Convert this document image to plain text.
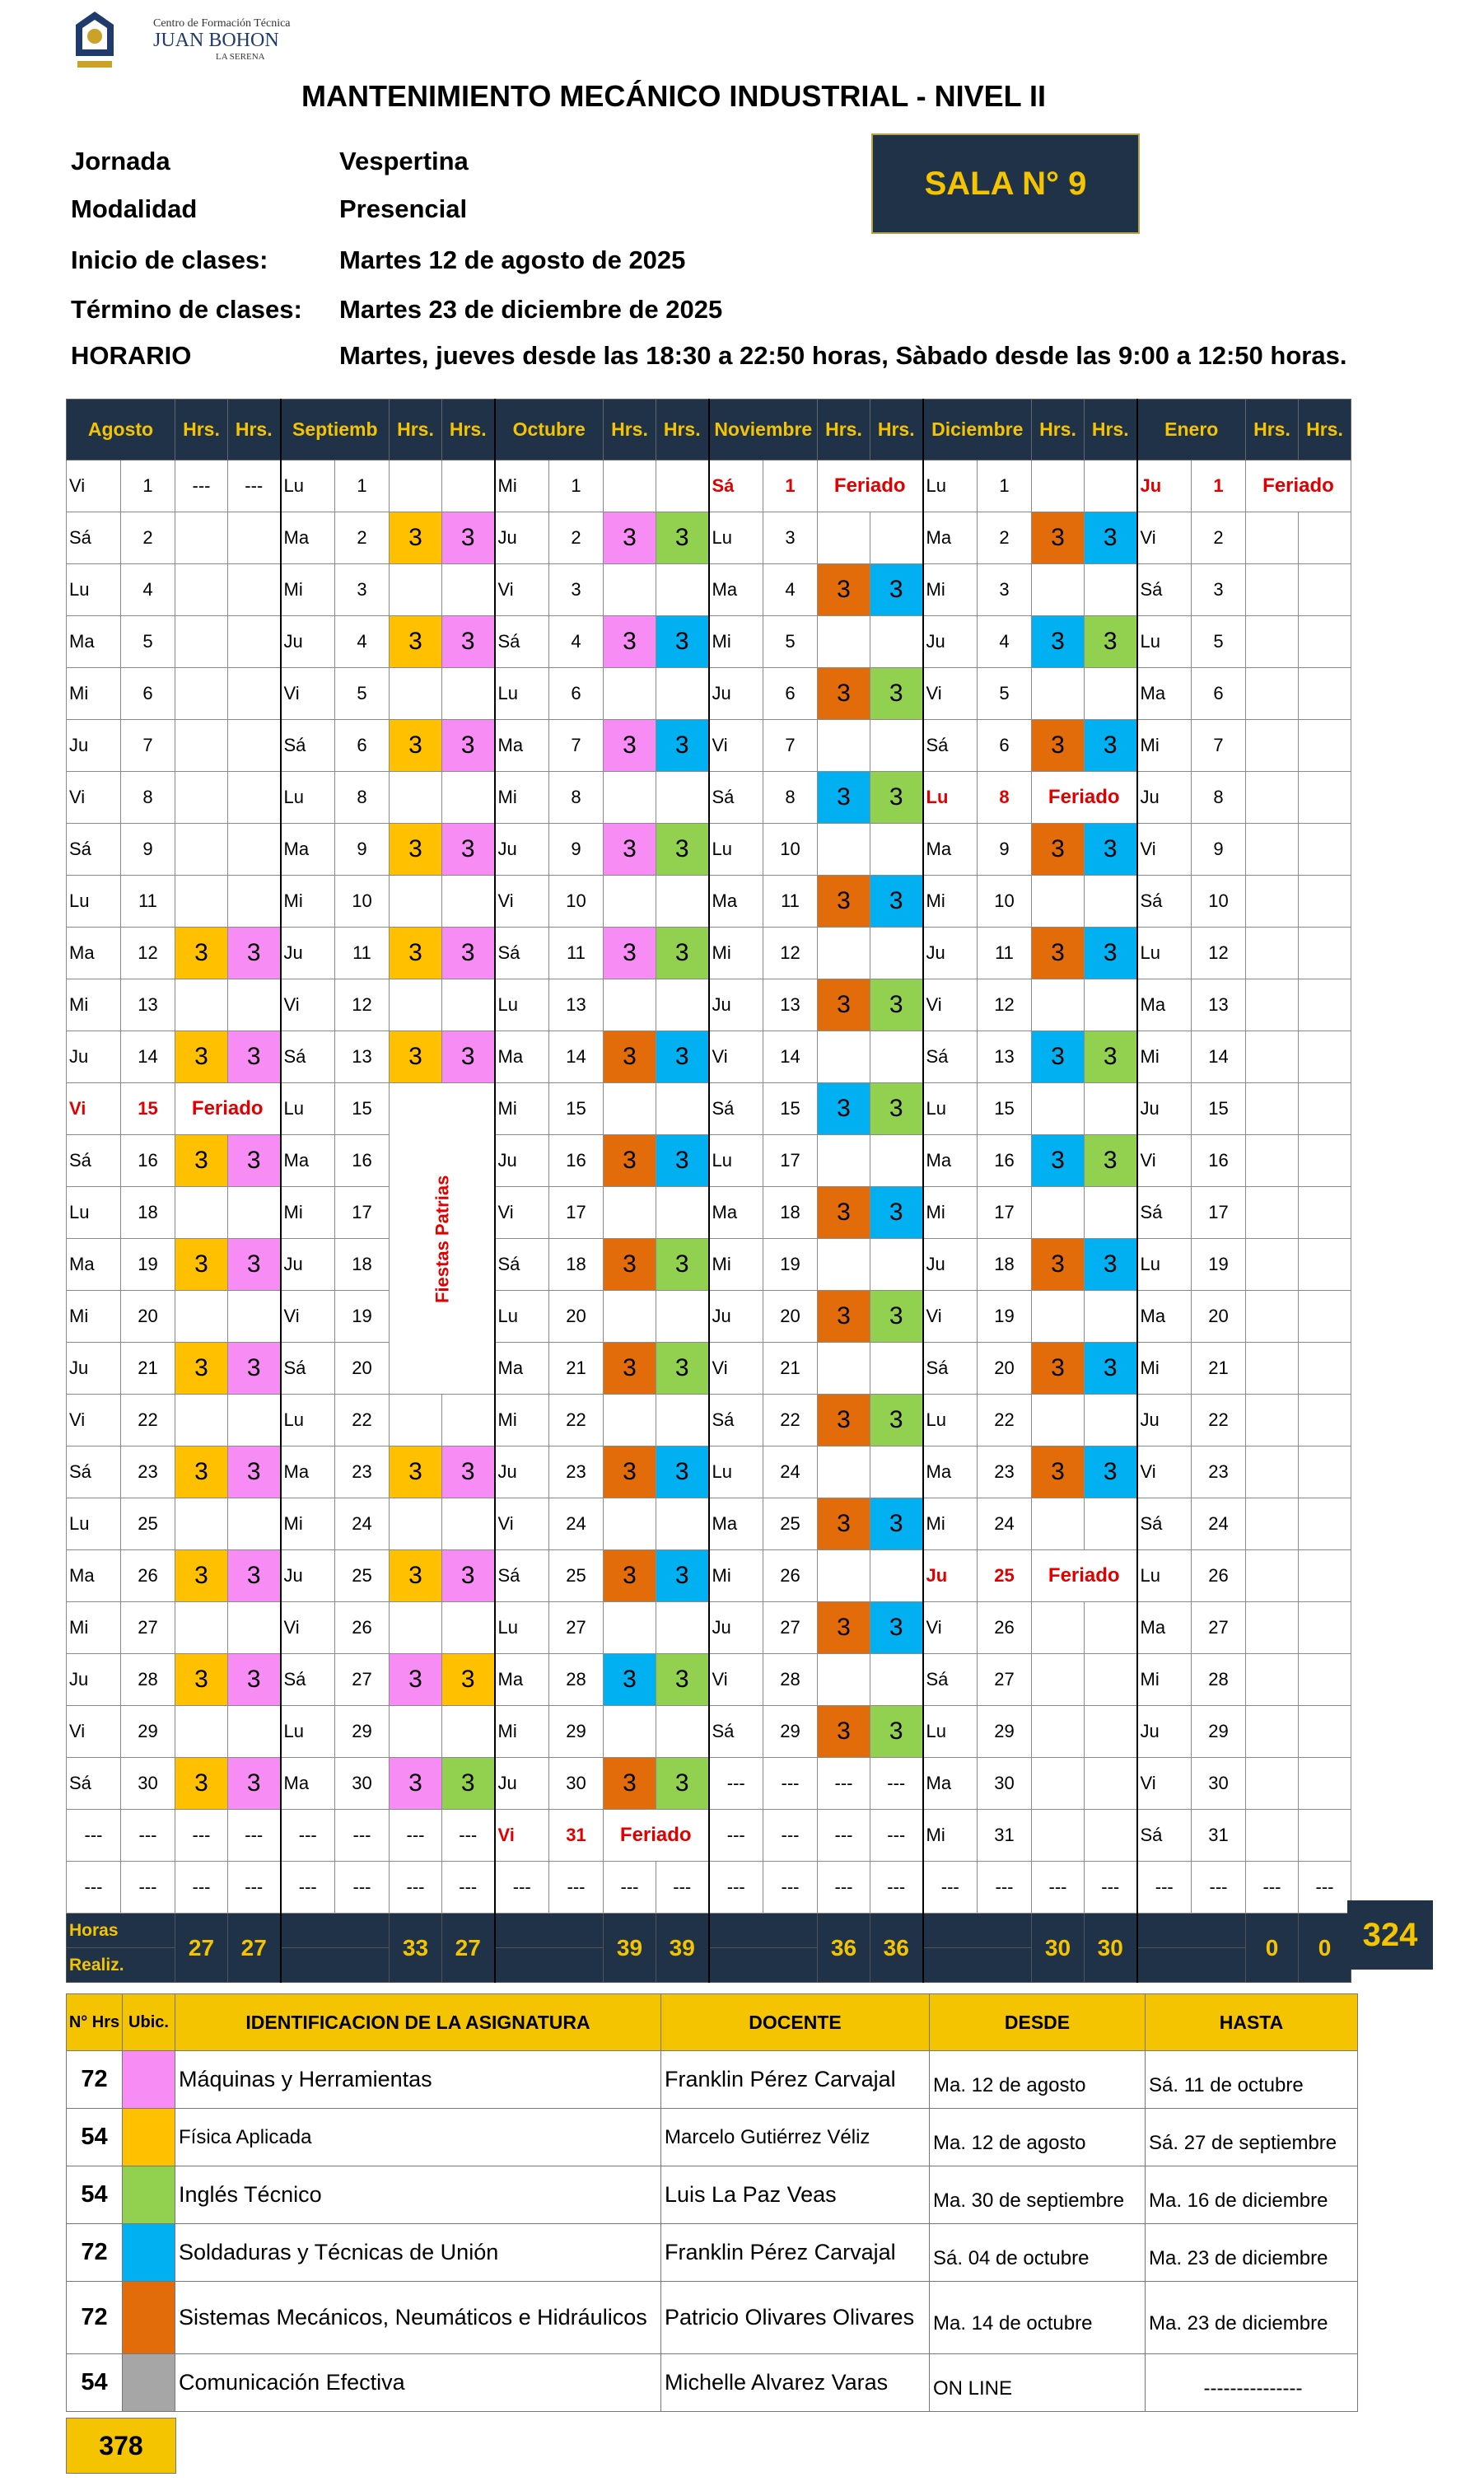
Centro de Formación Técnica
JUAN BOHON
LA SERENA
MANTENIMIENTO MECÁNICO INDUSTRIAL - NIVEL II
Jornada	Vespertina
Modalidad	Presencial
Inicio de clases:	Martes 12 de agosto de 2025
Término de clases: Martes 23 de diciembre de 2025
HORARIO	Martes, jueves desde las 18:30 a 22:50 horas, Sàbado desde las 9:00 a 12:50 horas.
SALA N° 9
Agosto		Hrs.	Hrs.	Septiemb		Hrs.	Hrs.	Octubre		Hrs.	Hrs.	Noviembre		Hrs.	Hrs.	Diciembre		Hrs.	Hrs.	Enero		Hrs.	Hrs.
Vi	1	---	---	Lu	1			Mi	1			Sá	1	Feriado		Lu	1			Ju	1	Feriado	
Sá	2			Ma	2	3	3	Ju	2	3	3	Lu	3			Ma	2	3	3	Vi	2		
Lu	4			Mi	3			Vi	3			Ma	4	3	3	Mi	3			Sá	3		
Ma	5			Ju	4	3	3	Sá	4	3	3	Mi	5			Ju	4	3	3	Lu	5		
Mi	6			Vi	5			Lu	6			Ju	6	3	3	Vi	5			Ma	6		
Ju	7			Sá	6	3	3	Ma	7	3	3	Vi	7			Sá	6	3	3	Mi	7		
Vi	8			Lu	8			Mi	8			Sá	8	3	3	Lu	8	Feriado		Ju	8		
Sá	9			Ma	9	3	3	Ju	9	3	3	Lu	10			Ma	9	3	3	Vi	9		
Lu	11			Mi	10			Vi	10			Ma	11	3	3	Mi	10			Sá	10		
Ma	12	3	3	Ju	11	3	3	Sá	11	3	3	Mi	12			Ju	11	3	3	Lu	12		
Mi	13			Vi	12			Lu	13			Ju	13	3	3	Vi	12			Ma	13		
Ju	14	3	3	Sá	13	3	3	Ma	14	3	3	Vi	14			Sá	13	3	3	Mi	14		
Vi	15	Feriado		Lu	15	Fiestas Patrias		Mi	15			Sá	15	3	3	Lu	15			Ju	15		
Sá	16	3	3	Ma	16			Ju	16	3	3	Lu	17			Ma	16	3	3	Vi	16		
Lu	18			Mi	17			Vi	17			Ma	18	3	3	Mi	17			Sá	17		
Ma	19	3	3	Ju	18			Sá	18	3	3	Mi	19			Ju	18	3	3	Lu	19		
Mi	20			Vi	19			Lu	20			Ju	20	3	3	Vi	19			Ma	20		
Ju	21	3	3	Sá	20			Ma	21	3	3	Vi	21			Sá	20	3	3	Mi	21		
Vi	22			Lu	22			Mi	22			Sá	22	3	3	Lu	22			Ju	22		
Sá	23	3	3	Ma	23	3	3	Ju	23	3	3	Lu	24			Ma	23	3	3	Vi	23		
Lu	25			Mi	24			Vi	24			Ma	25	3	3	Mi	24			Sá	24		
Ma	26	3	3	Ju	25	3	3	Sá	25	3	3	Mi	26			Ju	25	Feriado		Lu	26		
Mi	27			Vi	26			Lu	27			Ju	27	3	3	Vi	26			Ma	27		
Ju	28	3	3	Sá	27	3	3	Ma	28	3	3	Vi	28			Sá	27			Mi	28		
Vi	29			Lu	29			Mi	29			Sá	29	3	3	Lu	29			Ju	29		
Sá	30	3	3	Ma	30	3	3	Ju	30	3	3	---	---	---	---	Ma	30			Vi	30		
---	---	---	---	---	---	---	---	Vi	31	Feriado		---	---	---	---	Mi	31			Sá	31		
---	---	---	---	---	---	---	---	---	---	---	---	---	---	---	---	---	---	---	---	---	---	---	---
Horas		27	27			33	27			39	39			36	36			30	30			0	0
Realiz.																							
324
N° Hrs	Ubic.	IDENTIFICACION DE LA ASIGNATURA	DOCENTE	DESDE	HASTA
72		Máquinas y Herramientas	Franklin Pérez Carvajal	Ma. 12 de agosto	Sá. 11 de octubre
54		Física Aplicada	Marcelo Gutiérrez Véliz	Ma. 12 de agosto	Sá. 27 de septiembre
54		Inglés Técnico	Luis La Paz Veas	Ma. 30 de septiembre	Ma. 16 de diciembre
72		Soldaduras y Técnicas de Unión	Franklin Pérez Carvajal	Sá. 04 de octubre	Ma. 23 de diciembre
72		Sistemas Mecánicos, Neumáticos e Hidráulicos	Patricio Olivares Olivares	Ma. 14 de octubre	Ma. 23 de diciembre
54		Comunicación Efectiva	Michelle Alvarez Varas	ON LINE	---------------
378
